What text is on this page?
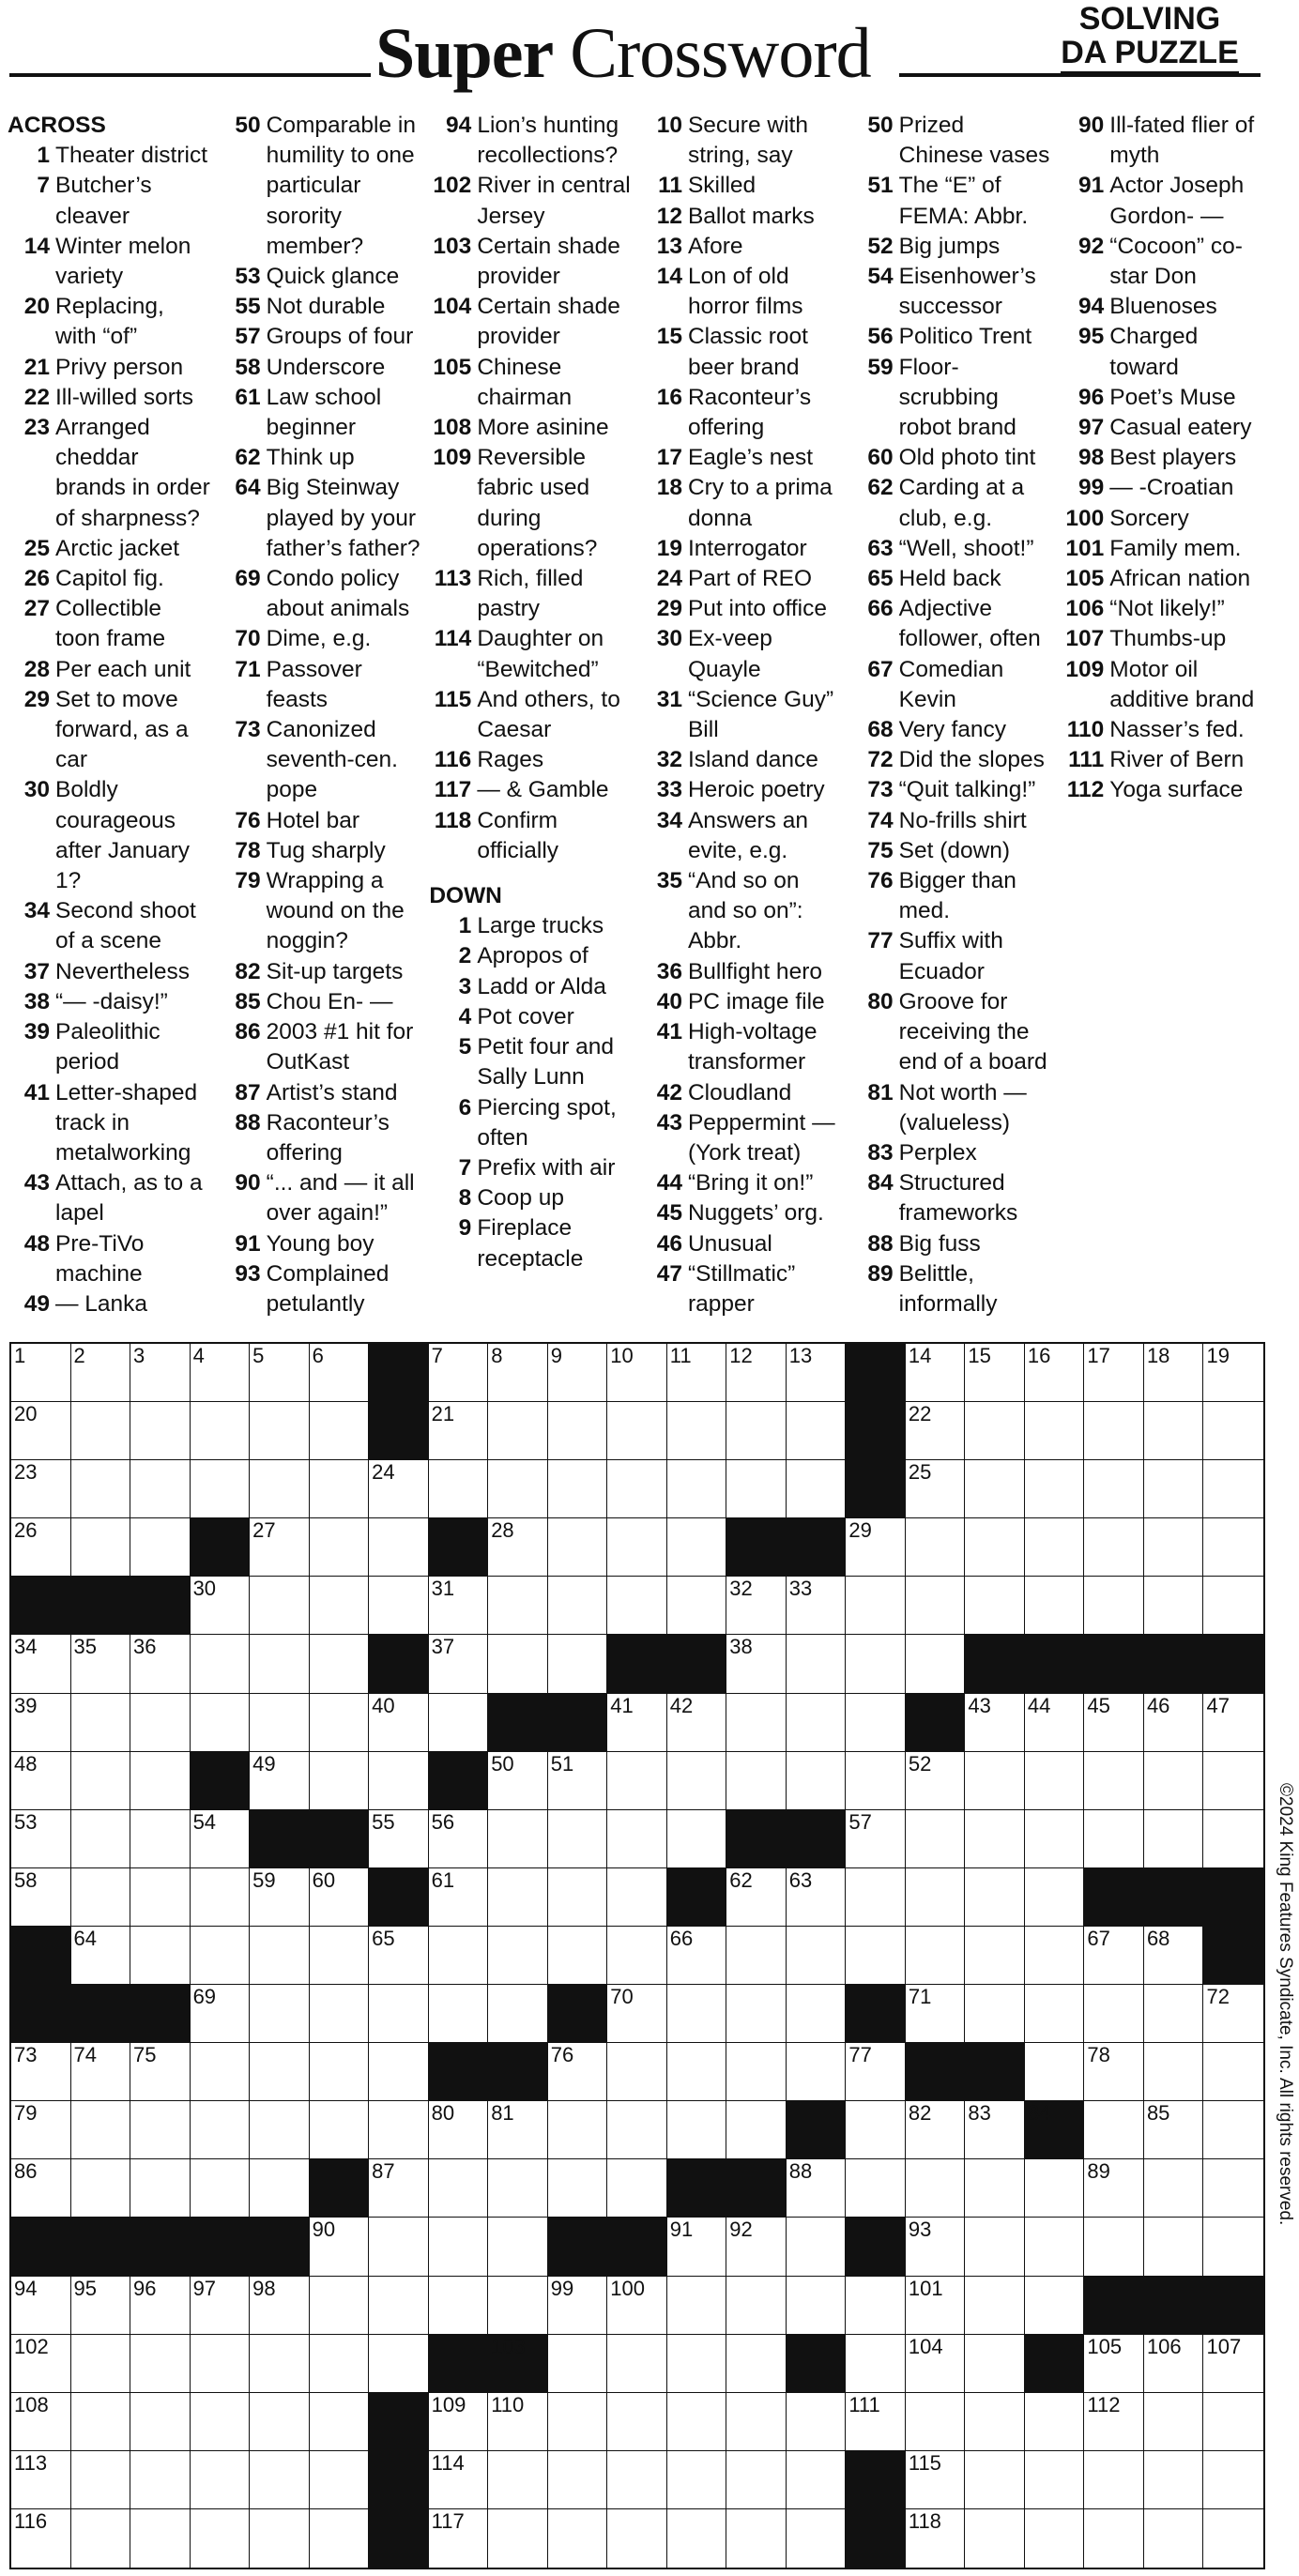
Super Crossword	SOLVING
DA PUZZLE
ACROSS
1 Theater district
7 Butcher’s cleaver
14 Winter melon variety
20 Replacing, with “of”
21 Privy person
22 Ill-willed sorts
23 Arranged cheddar brands in order of sharpness?
25 Arctic jacket
26 Capitol fig.
27 Collectible toon frame
28 Per each unit
29 Set to move forward, as a car
30 Boldly courageous after January 1?
34 Second shoot of a scene
37 Nevertheless
38 “— -daisy!”
39 Paleolithic period
41 Letter-shaped track in metalworking
43 Attach, as to a lapel
48 Pre-TiVo machine
49 — Lanka
50 Comparable in humility to one particular sorority member?
53 Quick glance
55 Not durable
57 Groups of four
58 Underscore
61 Law school beginner
62 Think up
64 Big Steinway played by your father’s father?
69 Condo policy about animals
70 Dime, e.g.
71 Passover feasts
73 Canonized seventh-cen. pope
76 Hotel bar
78 Tug sharply
79 Wrapping a wound on the noggin?
82 Sit-up targets
85 Chou En- —
86 2003 #1 hit for OutKast
87 Artist’s stand
88 Raconteur’s offering
90 “... and — it all over again!”
91 Young boy
93 Complained petulantly
94 Lion’s hunting recollections?
102 River in central Jersey
103 Certain shade provider
104 Certain shade provider
105 Chinese chairman
108 More asinine
109 Reversible fabric used during operations?
113 Rich, filled pastry
114 Daughter on “Bewitched”
115 And others, to Caesar
116 Rages
117 — & Gamble
118 Confirm officially
DOWN
1 Large trucks
2 Apropos of
3 Ladd or Alda
4 Pot cover
5 Petit four and Sally Lunn
6 Piercing spot, often
7 Prefix with air
8 Coop up
9 Fireplace receptacle
10 Secure with string, say
11 Skilled
12 Ballot marks
13 Afore
14 Lon of old horror films
15 Classic root beer brand
16 Raconteur’s offering
17 Eagle’s nest
18 Cry to a prima donna
19 Interrogator
24 Part of REO
29 Put into office
30 Ex-veep Quayle
31 “Science Guy” Bill
32 Island dance
33 Heroic poetry
34 Answers an evite, e.g.
35 “And so on and so on”: Abbr.
36 Bullfight hero
40 PC image file
41 High-voltage transformer
42 Cloudland
43 Peppermint — (York treat)
44 “Bring it on!”
45 Nuggets’ org.
46 Unusual
47 “Stillmatic” rapper
50 Prized Chinese vases
51 The “E” of FEMA: Abbr.
52 Big jumps
54 Eisenhower’s successor
56 Politico Trent
59 Floor-scrubbing robot brand
60 Old photo tint
62 Carding at a club, e.g.
63 “Well, shoot!”
65 Held back
66 Adjective follower, often
67 Comedian Kevin
68 Very fancy
72 Did the slopes
73 “Quit talking!”
74 No-frills shirt
75 Set (down)
76 Bigger than med.
77 Suffix with Ecuador
80 Groove for receiving the end of a board
81 Not worth — (valueless)
83 Perplex
84 Structured frameworks
88 Big fuss
89 Belittle, informally
90 Ill-fated flier of myth
91 Actor Joseph Gordon- —
92 “Cocoon” co-star Don
94 Bluenoses
95 Charged toward
96 Poet’s Muse
97 Casual eatery
98 Best players
99 — -Croatian
100 Sorcery
101 Family mem.
105 African nation
106 “Not likely!”
107 Thumbs-up
109 Motor oil additive brand
110 Nasser’s fed.
111 River of Bern
112 Yoga surface
1 2 3 4 5 6	7 8 9 10 11 12 13	14 15 16 17 18 19
20	21	22
23	24	25
26	27	28	29
30	31	32 33
34 35 36	37	38
39	40	41 42	43 44 45 46 47
48	49	50 51	52
53	54	55 56	57
58	59 60	61	62 63
64	65	66	67 68
69	70	71	72
73 74 75	76	77	78
79	80 81	82 83 84	85
86	87	88	89
90	91 92	93
94 95 96 97 98	99 100	101
102	103	104	105 106 107
108	109 110	111	112
113	114	115
116	117	118
©2024 King Features Syndicate, Inc. All rights reserved.
